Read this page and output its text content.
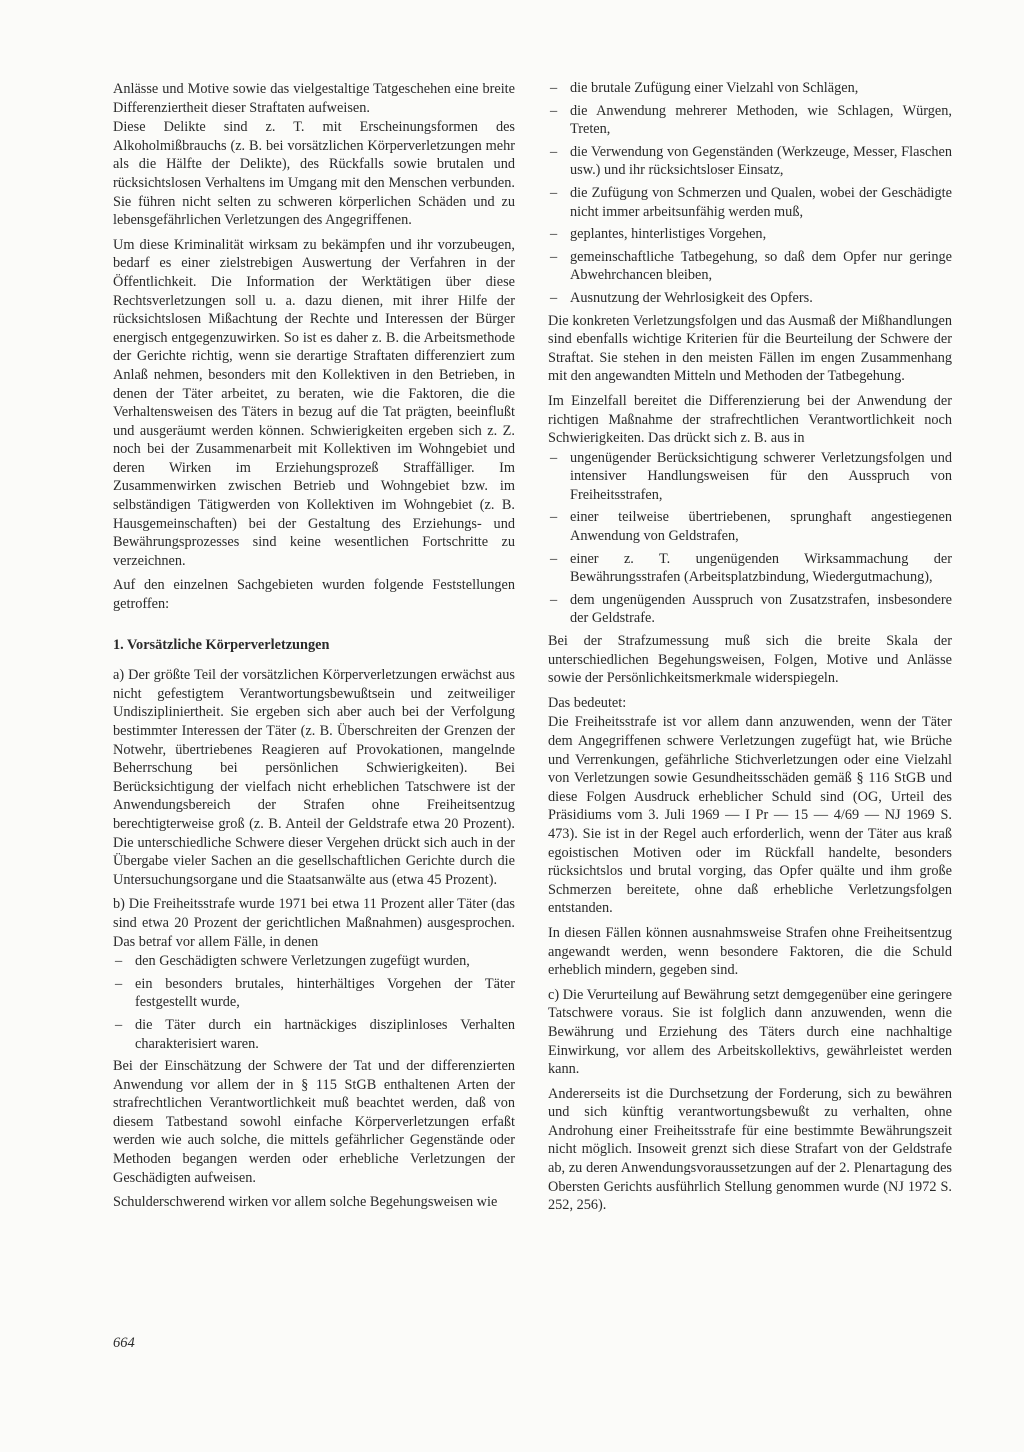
Anlässe und Motive sowie das vielgestaltige Tatgeschehen eine breite Differenziertheit dieser Straftaten aufweisen.

Diese Delikte sind z. T. mit Erscheinungsformen des Alkoholmißbrauchs (z. B. bei vorsätzlichen Körperverletzungen mehr als die Hälfte der Delikte), des Rückfalls sowie brutalen und rücksichtslosen Verhaltens im Umgang mit den Menschen verbunden. Sie führen nicht selten zu schweren körperlichen Schäden und zu lebensgefährlichen Verletzungen des Angegriffenen.

Um diese Kriminalität wirksam zu bekämpfen und ihr vorzubeugen, bedarf es einer zielstrebigen Auswertung der Verfahren in der Öffentlichkeit. Die Information der Werktätigen über diese Rechtsverletzungen soll u. a. dazu dienen, mit ihrer Hilfe der rücksichtslosen Mißachtung der Rechte und Interessen der Bürger energisch entgegenzuwirken. So ist es daher z. B. die Arbeitsmethode der Gerichte richtig, wenn sie derartige Straftaten differenziert zum Anlaß nehmen, besonders mit den Kollektiven in den Betrieben, in denen der Täter arbeitet, zu beraten, wie die Faktoren, die die Verhaltensweisen des Täters in bezug auf die Tat prägten, beeinflußt und ausgeräumt werden können. Schwierigkeiten ergeben sich z. Z. noch bei der Zusammenarbeit mit Kollektiven im Wohngebiet und deren Wirken im Erziehungsprozeß Straffälliger. Im Zusammenwirken zwischen Betrieb und Wohngebiet bzw. im selbständigen Tätigwerden von Kollektiven im Wohngebiet (z. B. Hausgemeinschaften) bei der Gestaltung des Erziehungs- und Bewährungsprozesses sind keine wesentlichen Fortschritte zu verzeichnen.

Auf den einzelnen Sachgebieten wurden folgende Feststellungen getroffen:

1. Vorsätzliche Körperverletzungen

a) Der größte Teil der vorsätzlichen Körperverletzungen erwächst aus nicht gefestigtem Verantwortungsbewußtsein und zeitweiliger Undiszipliniertheit. Sie ergeben sich aber auch bei der Verfolgung bestimmter Interessen der Täter (z. B. Überschreiten der Grenzen der Notwehr, übertriebenes Reagieren auf Provokationen, mangelnde Beherrschung bei persönlichen Schwierigkeiten). Bei Berücksichtigung der vielfach nicht erheblichen Tatschwere ist der Anwendungsbereich der Strafen ohne Freiheitsentzug berechtigterweise groß (z. B. Anteil der Geldstrafe etwa 20 Prozent). Die unterschiedliche Schwere dieser Vergehen drückt sich auch in der Übergabe vieler Sachen an die gesellschaftlichen Gerichte durch die Untersuchungsorgane und die Staatsanwälte aus (etwa 45 Prozent).

b) Die Freiheitsstrafe wurde 1971 bei etwa 11 Prozent aller Täter (das sind etwa 20 Prozent der gerichtlichen Maßnahmen) ausgesprochen. Das betraf vor allem Fälle, in denen

– den Geschädigten schwere Verletzungen zugefügt wurden,
– ein besonders brutales, hinterhältiges Vorgehen der Täter festgestellt wurde,
– die Täter durch ein hartnäckiges disziplinloses Verhalten charakterisiert waren.

Bei der Einschätzung der Schwere der Tat und der differenzierten Anwendung vor allem der in § 115 StGB enthaltenen Arten der strafrechtlichen Verantwortlichkeit muß beachtet werden, daß von diesem Tatbestand sowohl einfache Körperverletzungen erfaßt werden wie auch solche, die mittels gefährlicher Gegenstände oder Methoden begangen werden oder erhebliche Verletzungen der Geschädigten aufweisen.

Schulderschwerend wirken vor allem solche Begehungsweisen wie

– die brutale Zufügung einer Vielzahl von Schlägen,
– die Anwendung mehrerer Methoden, wie Schlagen, Würgen, Treten,
– die Verwendung von Gegenständen (Werkzeuge, Messer, Flaschen usw.) und ihr rücksichtsloser Einsatz,
– die Zufügung von Schmerzen und Qualen, wobei der Geschädigte nicht immer arbeitsunfähig werden muß,
– geplantes, hinterlistiges Vorgehen,
– gemeinschaftliche Tatbegehung, so daß dem Opfer nur geringe Abwehrchancen bleiben,
– Ausnutzung der Wehrlosigkeit des Opfers.

Die konkreten Verletzungsfolgen und das Ausmaß der Mißhandlungen sind ebenfalls wichtige Kriterien für die Beurteilung der Schwere der Straftat. Sie stehen in den meisten Fällen im engen Zusammenhang mit den angewandten Mitteln und Methoden der Tatbegehung.

Im Einzelfall bereitet die Differenzierung bei der Anwendung der richtigen Maßnahme der strafrechtlichen Verantwortlichkeit noch Schwierigkeiten. Das drückt sich z. B. aus in

– ungenügender Berücksichtigung schwerer Verletzungsfolgen und intensiver Handlungsweisen für den Ausspruch von Freiheitsstrafen,
– einer teilweise übertriebenen, sprunghaft angestiegenen Anwendung von Geldstrafen,
– einer z. T. ungenügenden Wirksammachung der Bewährungsstrafen (Arbeitsplatzbindung, Wiedergutmachung),
– dem ungenügenden Ausspruch von Zusatzstrafen, insbesondere der Geldstrafe.

Bei der Strafzumessung muß sich die breite Skala der unterschiedlichen Begehungsweisen, Folgen, Motive und Anlässe sowie der Persönlichkeitsmerkmale widerspiegeln.

Das bedeutet:

Die Freiheitsstrafe ist vor allem dann anzuwenden, wenn der Täter dem Angegriffenen schwere Verletzungen zugefügt hat, wie Brüche und Verrenkungen, gefährliche Stichverletzungen oder eine Vielzahl von Verletzungen sowie Gesundheitsschäden gemäß § 116 StGB und diese Folgen Ausdruck erheblicher Schuld sind (OG, Urteil des Präsidiums vom 3. Juli 1969 — I Pr — 15 — 4/69 — NJ 1969 S. 473). Sie ist in der Regel auch erforderlich, wenn der Täter aus kraß egoistischen Motiven oder im Rückfall handelte, besonders rücksichtslos und brutal vorging, das Opfer quälte und ihm große Schmerzen bereitete, ohne daß erhebliche Verletzungsfolgen entstanden.

In diesen Fällen können ausnahmsweise Strafen ohne Freiheitsentzug angewandt werden, wenn besondere Faktoren, die die Schuld erheblich mindern, gegeben sind.

c) Die Verurteilung auf Bewährung setzt demgegenüber eine geringere Tatschwere voraus. Sie ist folglich dann anzuwenden, wenn die Bewährung und Erziehung des Täters durch eine nachhaltige Einwirkung, vor allem des Arbeitskollektivs, gewährleistet werden kann.

Andererseits ist die Durchsetzung der Forderung, sich zu bewähren und sich künftig verantwortungsbewußt zu verhalten, ohne Androhung einer Freiheitsstrafe für eine bestimmte Bewährungszeit nicht möglich. Insoweit grenzt sich diese Strafart von der Geldstrafe ab, zu deren Anwendungsvoraussetzungen auf der 2. Plenartagung des Obersten Gerichts ausführlich Stellung genommen wurde (NJ 1972 S. 252, 256).

664
